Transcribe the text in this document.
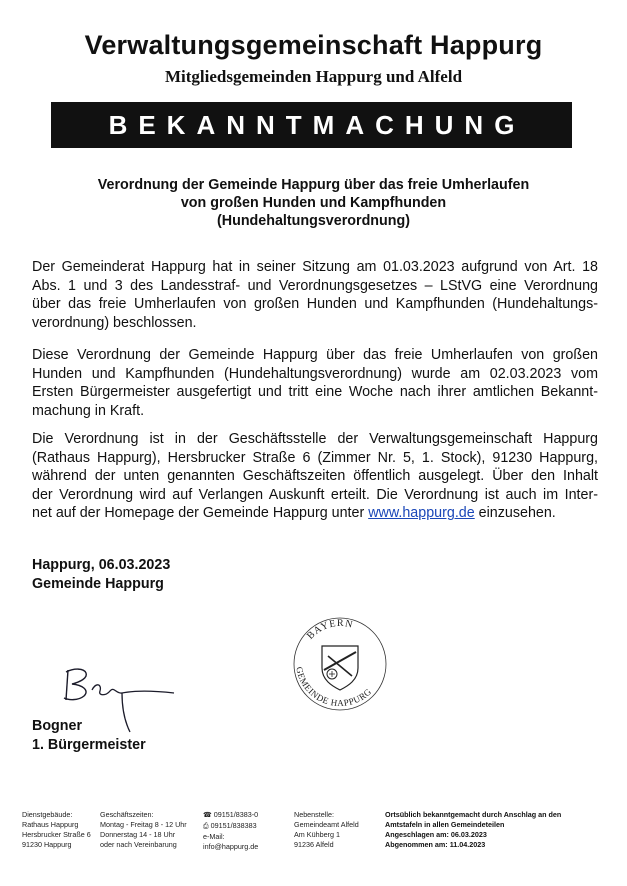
Verwaltungsgemeinschaft Happurg
Mitgliedsgemeinden Happurg und Alfeld
BEKANNTMACHUNG
Verordnung der Gemeinde Happurg über das freie Umherlaufen
von großen Hunden und Kampfhunden
(Hundehaltungsverordnung)
Der Gemeinderat Happurg hat in seiner Sitzung am 01.03.2023 aufgrund von Art. 18
Abs. 1 und 3 des Landesstraf- und Verordnungsgesetzes – LStVG eine Verordnung
über das freie Umherlaufen von großen Hunden und Kampfhunden (Hundehaltungs-
verordnung) beschlossen.
Diese Verordnung der Gemeinde Happurg über das freie Umherlaufen von großen
Hunden und Kampfhunden (Hundehaltungsverordnung) wurde am 02.03.2023 vom
Ersten Bürgermeister ausgefertigt und tritt eine Woche nach ihrer amtlichen Bekannt-
machung in Kraft.
Die Verordnung ist in der Geschäftsstelle der Verwaltungsgemeinschaft Happurg
(Rathaus Happurg), Hersbrucker Straße 6 (Zimmer Nr. 5, 1. Stock), 91230 Happurg,
während der unten genannten Geschäftszeiten öffentlich ausgelegt. Über den Inhalt
der Verordnung wird auf Verlangen Auskunft erteilt. Die Verordnung ist auch im Inter-
net auf der Homepage der Gemeinde Happurg unter www.happurg.de einzusehen.
Happurg, 06.03.2023
Gemeinde Happurg
Bogner
1. Bürgermeister
BAYERN
GEMEINDE HAPPURG
Dienstgebäude:
Rathaus Happurg
Hersbrucker Straße 6
91230 Happurg
Geschäftszeiten:
Montag - Freitag 8 - 12 Uhr
Donnerstag 14 - 18 Uhr
oder nach Vereinbarung
☎ 09151/8383-0
⎙ 09151/838383
e-Mail:
info@happurg.de
Nebenstelle:
Gemeindeamt Alfeld
Am Kühberg 1
91236 Alfeld
Ortsüblich bekanntgemacht durch Anschlag an den
Amtstafeln in allen Gemeindeteilen
Angeschlagen am: 06.03.2023
Abgenommen am: 11.04.2023
